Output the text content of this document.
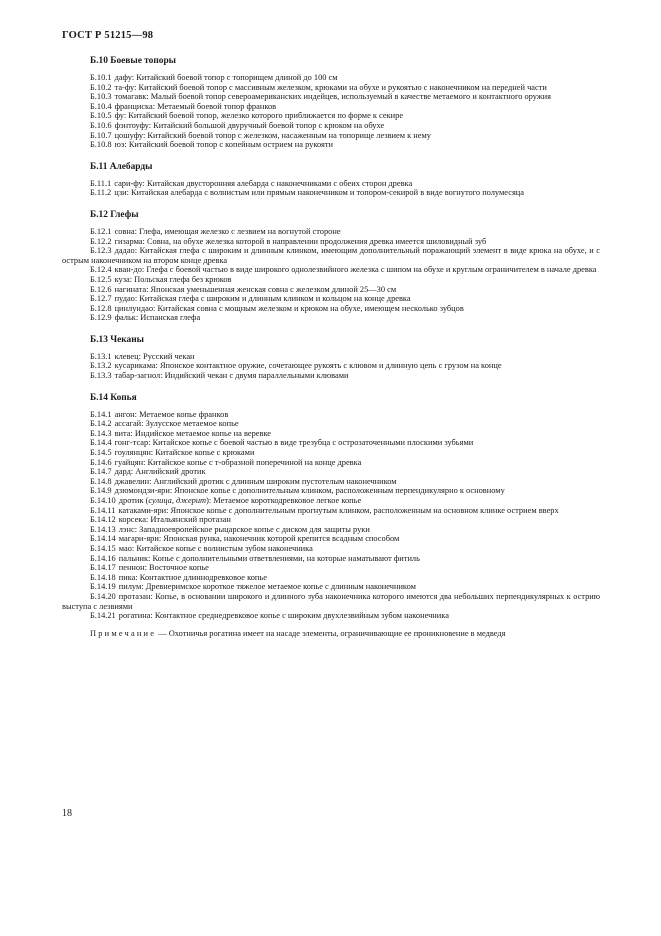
ГОСТ Р 51215—98
Б.10 Боевые топоры
Б.10.1 дафу: Китайский боевой топор с топорищем длиной до 100 см
Б.10.2 та-фу: Китайский боевой топор с массивным железком, крюками на обухе и рукоятью с наконечником на передней части
Б.10.3 томагавк: Малый боевой топор североамериканских индейцев, используемый в качестве метаемого и контактного оружия
Б.10.4 франциска: Метаемый боевой топор франков
Б.10.5 фу: Китайский боевой топор, железко которого приближается по форме к секире
Б.10.6 фэнтоуфу: Китайский большой двуручный боевой топор с крюком на обухе
Б.10.7 цошуфу: Китайский боевой топор с железком, насаженным на топорище лезвием к нему
Б.10.8 юэ: Китайский боевой топор с копейным острием на рукояти
Б.11 Алебарды
Б.11.1 сари-фу: Китайская двусторонняя алебарда с наконечниками с обеих сторон древка
Б.11.2 цзи: Китайская алебарда с волнистым или прямым наконечником и топором-секирой в виде вогнутого полумесяца
Б.12 Глефы
Б.12.1 совна: Глефа, имеющая железко с лезвием на вогнутой стороне
Б.12.2 гизарма: Совна, на обухе железка которой в направлении продолжения древка имеется шиловидный зуб
Б.12.3 дадао: Китайская глефа с широким и длинным клинком, имеющим дополнительный поражающий элемент в виде крюка на обухе, и с острым наконечником на втором конце древка
Б.12.4 кван-до: Глефа с боевой частью в виде широкого однолезвийного железка с шипом на обухе и круглым ограничителем в начале древка
Б.12.5 куза: Польская глефа без крюков
Б.12.6 нагината: Японская уменьшенная женская совна с железком длиной 25—30 см
Б.12.7 пудао: Китайская глефа с широким и длинным клинком и кольцом на конце древка
Б.12.8 цинлундао: Китайская совна с мощным железком и крюком на обухе, имеющем несколько зубцов
Б.12.9 фальк: Испанская глефа
Б.13 Чеканы
Б.13.1 клевец: Русский чекан
Б.13.2 кусарикама: Японское контактное оружие, сочетающее рукоять с клювом и длинную цепь с грузом на конце
Б.13.3 табар-загнол: Индийский чекан с двумя параллельными клювами
Б.14 Копья
Б.14.1 ангон: Метаемое копье франков
Б.14.2 ассагай: Зулусское метаемое копье
Б.14.3 вита: Индийское метаемое копье на веревке
Б.14.4 гонг-тсар: Китайское копье с боевой частью в виде трезубца с острозаточенными плоскими зубьями
Б.14.5 гоулянцян: Китайское копье с крюками
Б.14.6 гуайцян: Китайское копье с т-образной поперечиной на конце древка
Б.14.7 дард: Английский дротик
Б.14.8 джавелин: Английский дротик с длинным широким пустотелым наконечником
Б.14.9 дзюмондзи-яри: Японское копье с дополнительным клинком, расположенным перпендикулярно к основному
Б.14.10 дротик (сулица, джерит): Метаемое короткодревковое легкое копье
Б.14.11 катаками-яри: Японское копье с дополнительным прогнутым клинком, расположенным на основном клинке острием вверх
Б.14.12 корсека: Итальянский протазан
Б.14.13 лэнс: Западноевропейское рыцарское копье с диском для защиты руки
Б.14.14 магари-яри: Японская рунка, наконечник которой крепится вcадным способом
Б.14.15 мао: Китайское копье с волнистым зубом наконечника
Б.14.16 пальник: Копье с дополнительными ответвлениями, на которые наматывают фитиль
Б.14.17 пеннон: Восточное копье
Б.14.18 пика: Контактное длиннодревковое копье
Б.14.19 пилум: Древнеримское короткое тяжелое метаемое копье с длинным наконечником
Б.14.20 протазан: Копье, в основании широкого и длинного зуба наконечника которого имеются два небольших перпендикулярных к острию выступа с лезвиями
Б.14.21 рогатина: Контактное среднедревковое копье с широким двухлезвийным зубом наконечника
Примечание — Охотничья рогатина имеет на насаде элементы, ограничивающие ее проникновение в медведя
18
